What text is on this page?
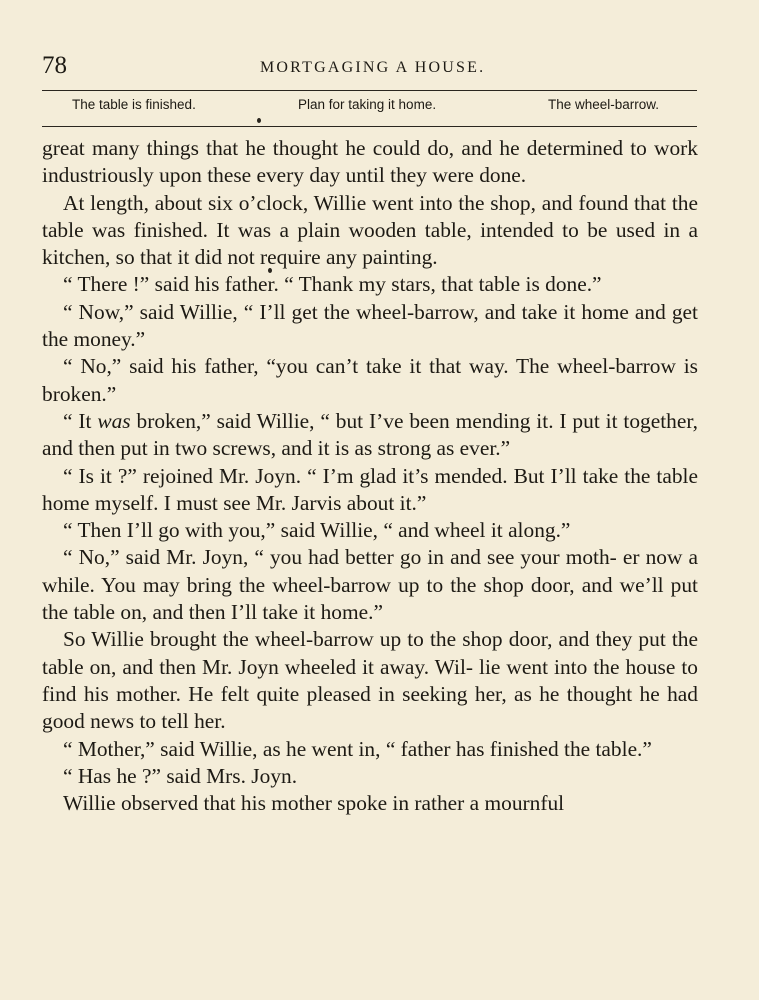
78	MORTGAGING A HOUSE.
The table is finished.	Plan for taking it home.	The wheel-barrow.

great many things that he thought he could do, and he determined to work industriously upon these every day until they were done.

At length, about six o’clock, Willie went into the shop, and found that the table was finished. It was a plain wooden table, intended to be used in a kitchen, so that it did not require any painting.

“ There !” said his father. “ Thank my stars, that table is done.”

“ Now,” said Willie, “ I’ll get the wheel-barrow, and take it home and get the money.”

“ No,” said his father, “you can’t take it that way. The wheel-barrow is broken.”

“ It was broken,” said Willie, “ but I’ve been mending it. I put it together, and then put in two screws, and it is as strong as ever.”

“ Is it ?” rejoined Mr. Joyn. “ I’m glad it’s mended. But I’ll take the table home myself. I must see Mr. Jarvis about it.”

“ Then I’ll go with you,” said Willie, “ and wheel it along.”

“ No,” said Mr. Joyn, “ you had better go in and see your moth- er now a while. You may bring the wheel-barrow up to the shop door, and we’ll put the table on, and then I’ll take it home.”

So Willie brought the wheel-barrow up to the shop door, and they put the table on, and then Mr. Joyn wheeled it away. Wil- lie went into the house to find his mother. He felt quite pleased in seeking her, as he thought he had good news to tell her.

“ Mother,” said Willie, as he went in, “ father has finished the table.”

“ Has he ?” said Mrs. Joyn.

Willie observed that his mother spoke in rather a mournful
